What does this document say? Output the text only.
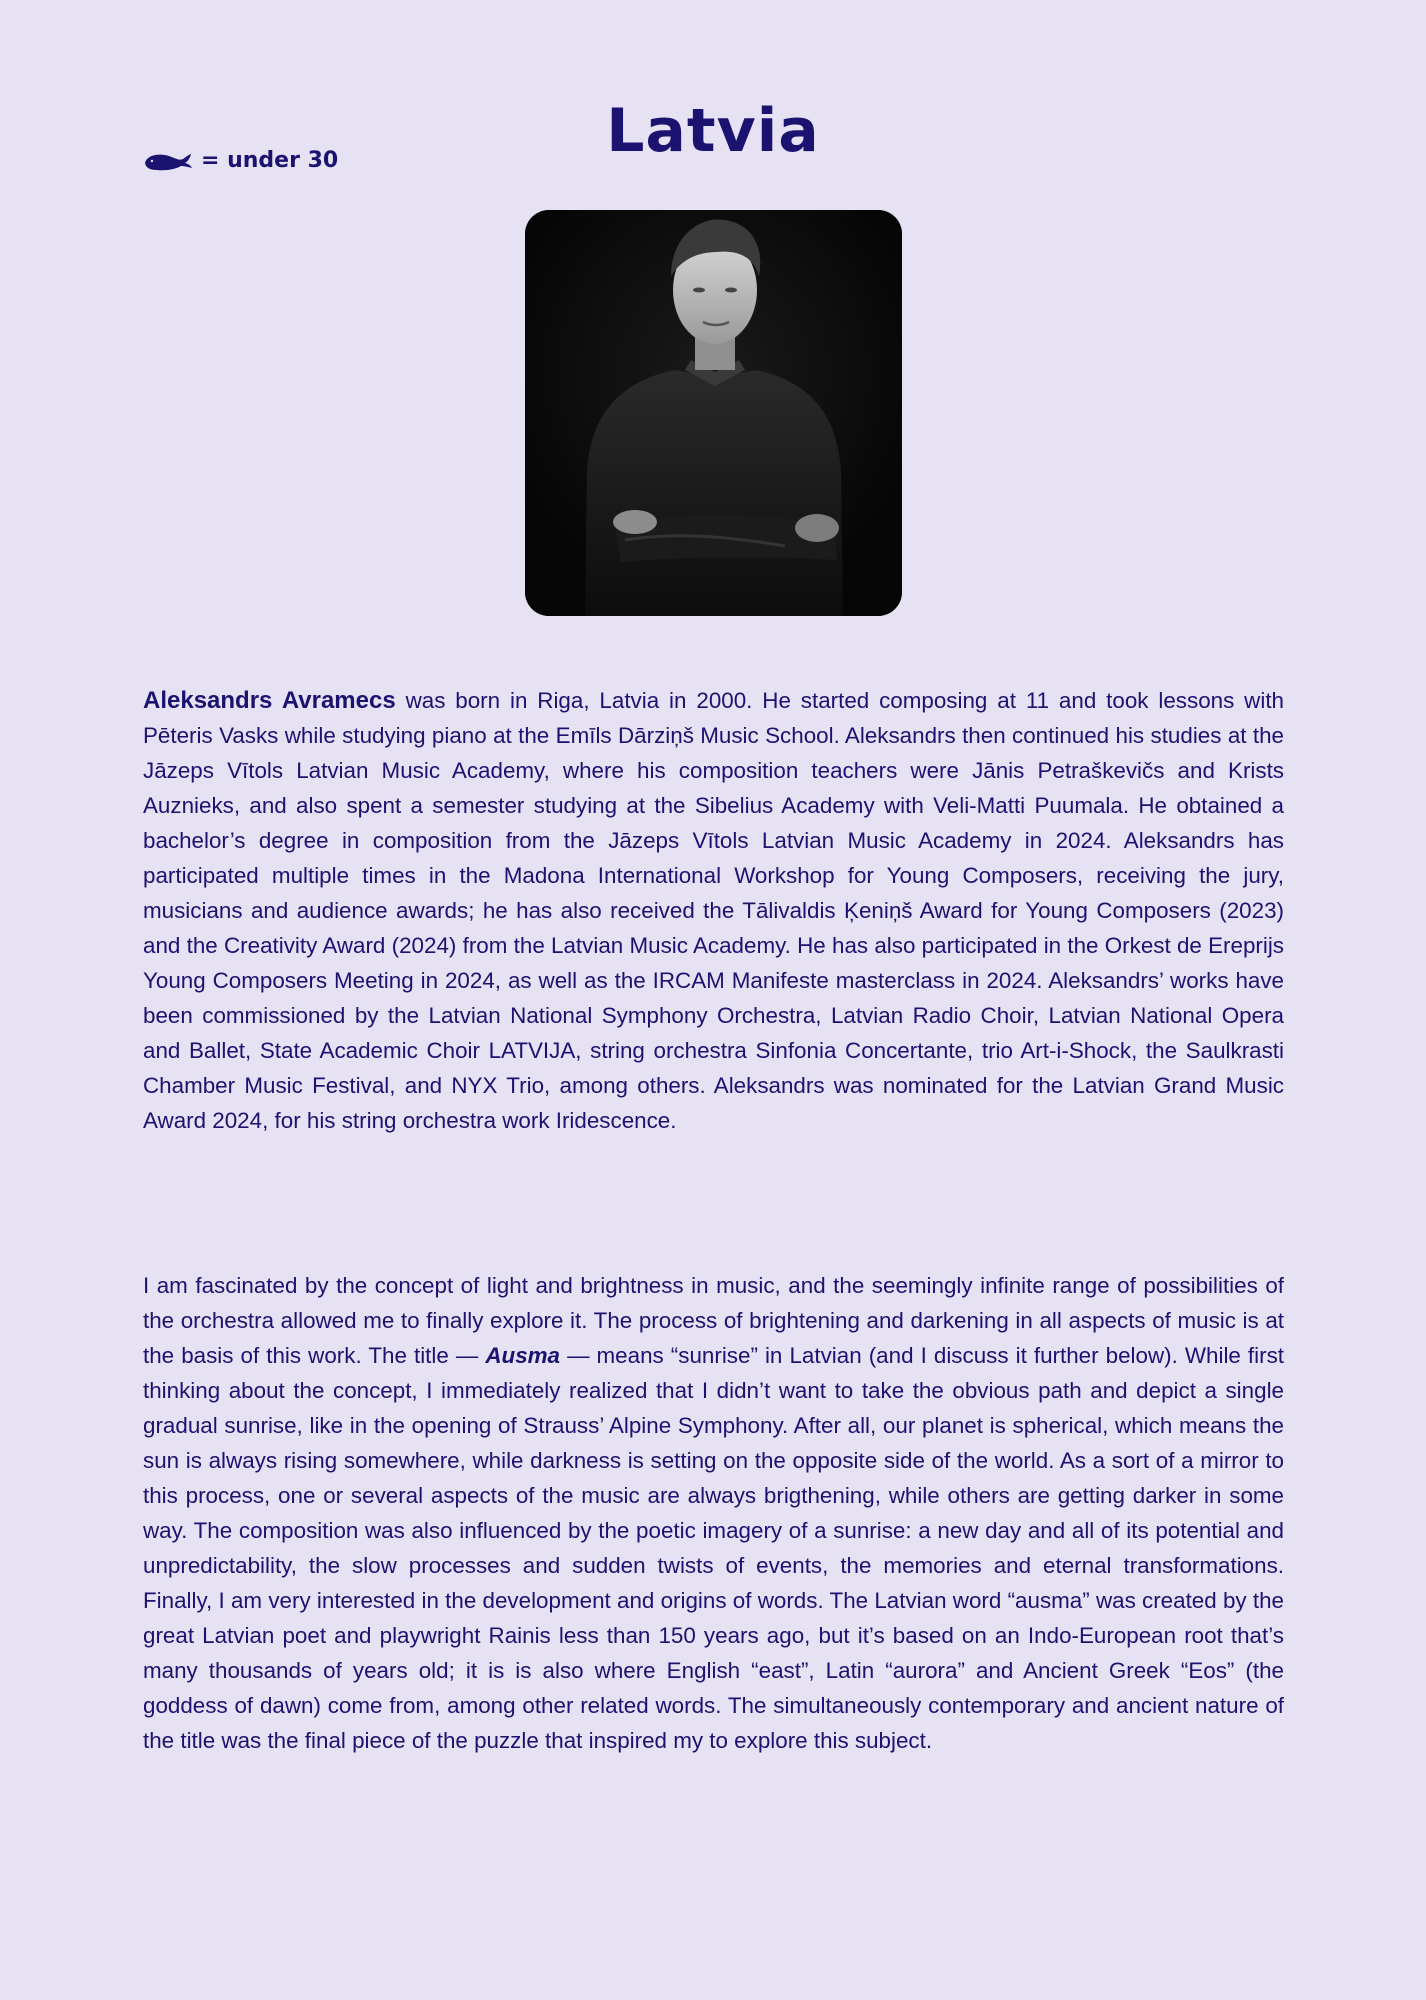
= under 30	Latvia

Aleksandrs Avramecs was born in Riga, Latvia in 2000. He started composing at 11 and took lessons with Pēteris Vasks while studying piano at the Emīls Dārziņš Music School. Aleksandrs then continued his studies at the Jāzeps Vītols Latvian Music Academy, where his composition teachers were Jānis Petraškevičs and Krists Auznieks, and also spent a semester studying at the Sibelius Academy with Veli-Matti Puumala. He obtained a bachelor’s degree in composition from the Jāzeps Vītols Latvian Music Academy in 2024. Aleksandrs has participated multiple times in the Madona International Workshop for Young Composers, receiving the jury, musicians and audience awards; he has also received the Tālivaldis Ķeniņš Award for Young Composers (2023) and the Creativity Award (2024) from the Latvian Music Academy. He has also participated in the Orkest de Ereprijs Young Composers Meeting in 2024, as well as the IRCAM Manifeste masterclass in 2024. Aleksandrs’ works have been commissioned by the Latvian National Symphony Orchestra, Latvian Radio Choir, Latvian National Opera and Ballet, State Academic Choir LATVIJA, string orchestra Sinfonia Concertante, trio Art-i-Shock, the Saulkrasti Chamber Music Festival, and NYX Trio, among others. Aleksandrs was nominated for the Latvian Grand Music Award 2024, for his string orchestra work Iridescence.

I am fascinated by the concept of light and brightness in music, and the seemingly infinite range of possibilities of the orchestra allowed me to finally explore it. The process of brightening and darkening in all aspects of music is at the basis of this work. The title — Ausma — means “sunrise” in Latvian (and I discuss it further below). While first thinking about the concept, I immediately realized that I didn’t want to take the obvious path and depict a single gradual sunrise, like in the opening of Strauss’ Alpine Symphony. After all, our planet is spherical, which means the sun is always rising somewhere, while darkness is setting on the opposite side of the world. As a sort of a mirror to this process, one or several aspects of the music are always brigthening, while others are getting darker in some way. The composition was also influenced by the poetic imagery of a sunrise: a new day and all of its potential and unpredictability, the slow processes and sudden twists of events, the memories and eternal transformations. Finally, I am very interested in the development and origins of words. The Latvian word “ausma” was created by the great Latvian poet and playwright Rainis less than 150 years ago, but it’s based on an Indo-European root that’s many thousands of years old; it is is also where English “east”, Latin “aurora” and Ancient Greek “Eos” (the goddess of dawn) come from, among other related words. The simultaneously contemporary and ancient nature of the title was the final piece of the puzzle that inspired my to explore this subject.
